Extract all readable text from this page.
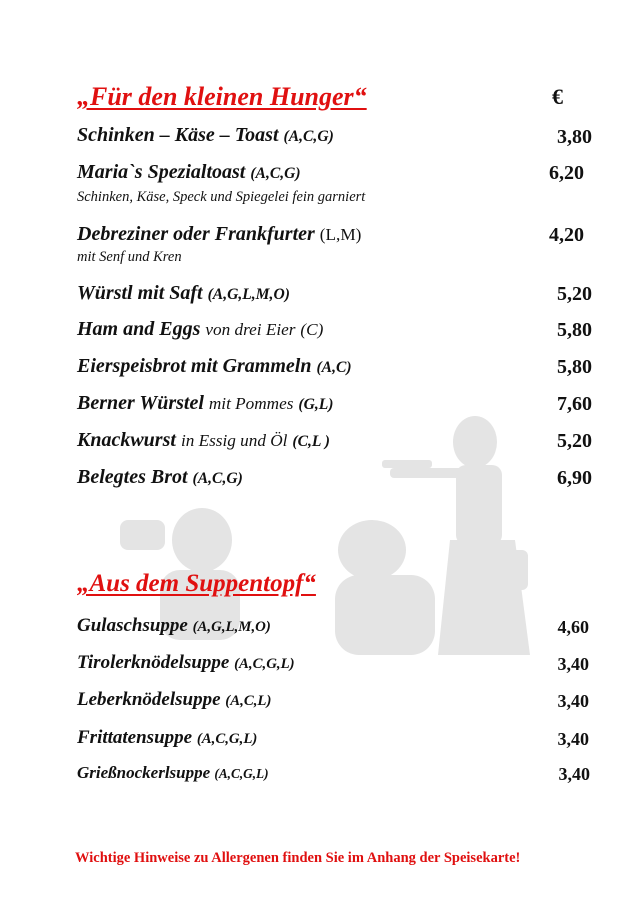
„Für den kleinen Hunger“	€
Schinken – Käse – Toast (A,C,G)	3,80
Maria`s Spezialtoast (A,C,G)	6,20
Schinken, Käse, Speck und Spiegelei fein garniert
Debreziner oder Frankfurter (L,M)	4,20
mit Senf und Kren
Würstl mit Saft (A,G,L,M,O)	5,20
Ham and Eggs von drei Eier (C)	5,80
Eierspeisbrot mit Grammeln (A,C)	5,80
Berner Würstel mit Pommes (G,L)	7,60
Knackwurst in Essig und Öl (C,L )	5,20
Belegtes Brot (A,C,G)	6,90
„Aus dem Suppentopf“
Gulaschsuppe (A,G,L,M,O)	4,60
Tirolerknödelsuppe (A,C,G,L)	3,40
Leberknödelsuppe (A,C,L)	3,40
Frittatensuppe (A,C,G,L)	3,40
Grießnockerlsuppe (A,C,G,L)	3,40
Wichtige Hinweise zu Allergenen finden Sie im Anhang der Speisekarte!
